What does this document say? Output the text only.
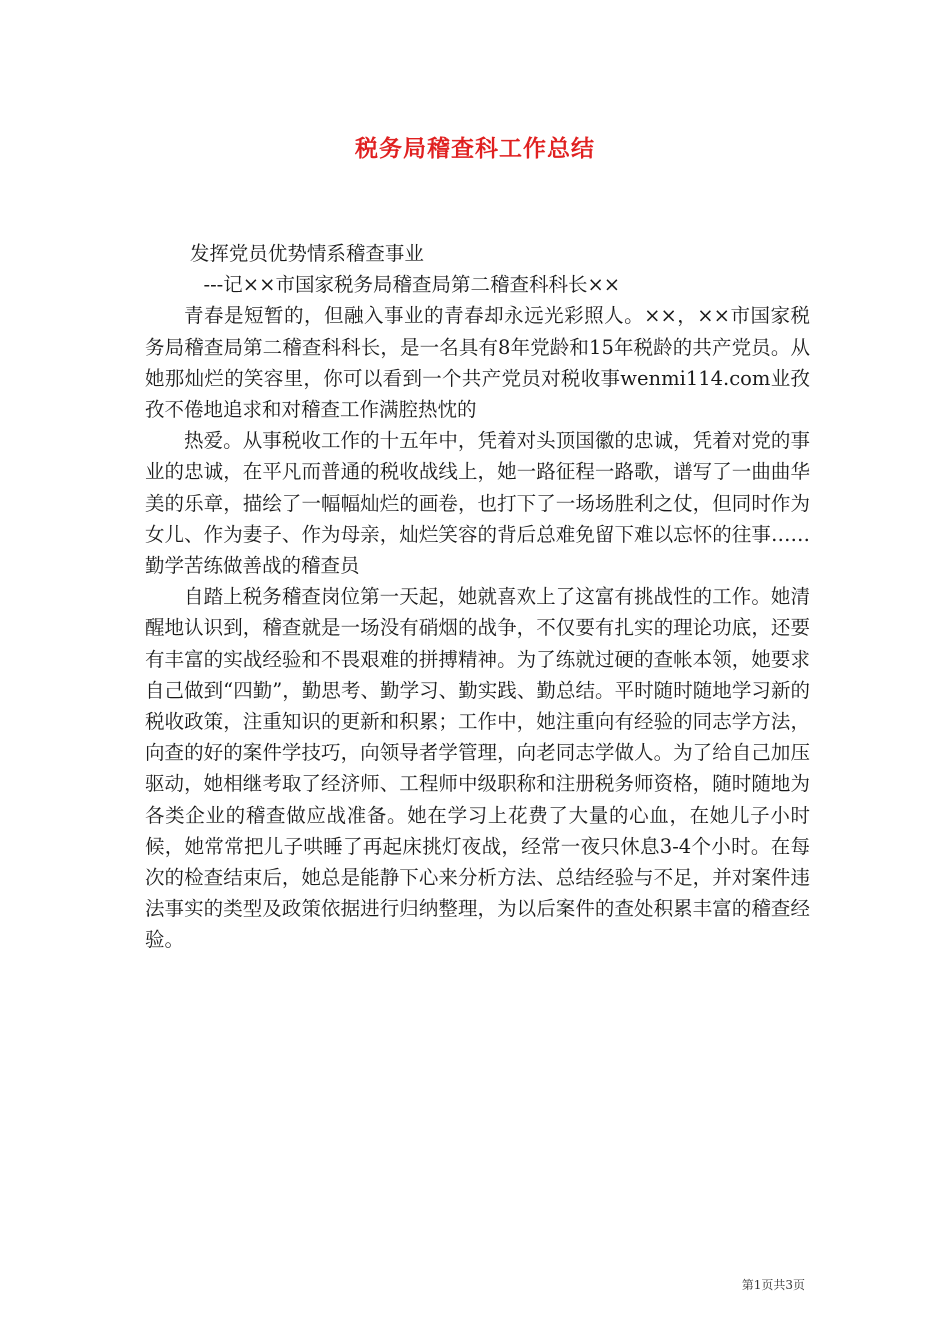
税务局稽查科工作总结

发挥党员优势情系稽查事业

---记××市国家税务局稽查局第二稽查科科长××

青春是短暂的，但融入事业的青春却永远光彩照人。××，××市国家税务局稽查局第二稽查科科长，是一名具有8年党龄和15年税龄的共产党员。从她那灿烂的笑容里，你可以看到一个共产党员对税收事wenmi114.com业孜孜不倦地追求和对稽查工作满腔热忱的

热爱。从事税收工作的十五年中，凭着对头顶国徽的忠诚，凭着对党的事业的忠诚，在平凡而普通的税收战线上，她一路征程一路歌，谱写了一曲曲华美的乐章，描绘了一幅幅灿烂的画卷，也打下了一场场胜利之仗，但同时作为女儿、作为妻子、作为母亲，灿烂笑容的背后总难免留下难以忘怀的往事……勤学苦练做善战的稽查员

自踏上税务稽查岗位第一天起，她就喜欢上了这富有挑战性的工作。她清醒地认识到，稽查就是一场没有硝烟的战争，不仅要有扎实的理论功底，还要有丰富的实战经验和不畏艰难的拼搏精神。为了练就过硬的查帐本领，她要求自己做到“四勤”，勤思考、勤学习、勤实践、勤总结。平时随时随地学习新的税收政策，注重知识的更新和积累；工作中，她注重向有经验的同志学方法，向查的好的案件学技巧，向领导者学管理，向老同志学做人。为了给自己加压驱动，她相继考取了经济师、工程师中级职称和注册税务师资格，随时随地为各类企业的稽查做应战准备。她在学习上花费了大量的心血，在她儿子小时候，她常常把儿子哄睡了再起床挑灯夜战，经常一夜只休息3-4个小时。在每次的检查结束后，她总是能静下心来分析方法、总结经验与不足，并对案件违法事实的类型及政策依据进行归纳整理，为以后案件的查处积累丰富的稽查经验。

第1页共3页
